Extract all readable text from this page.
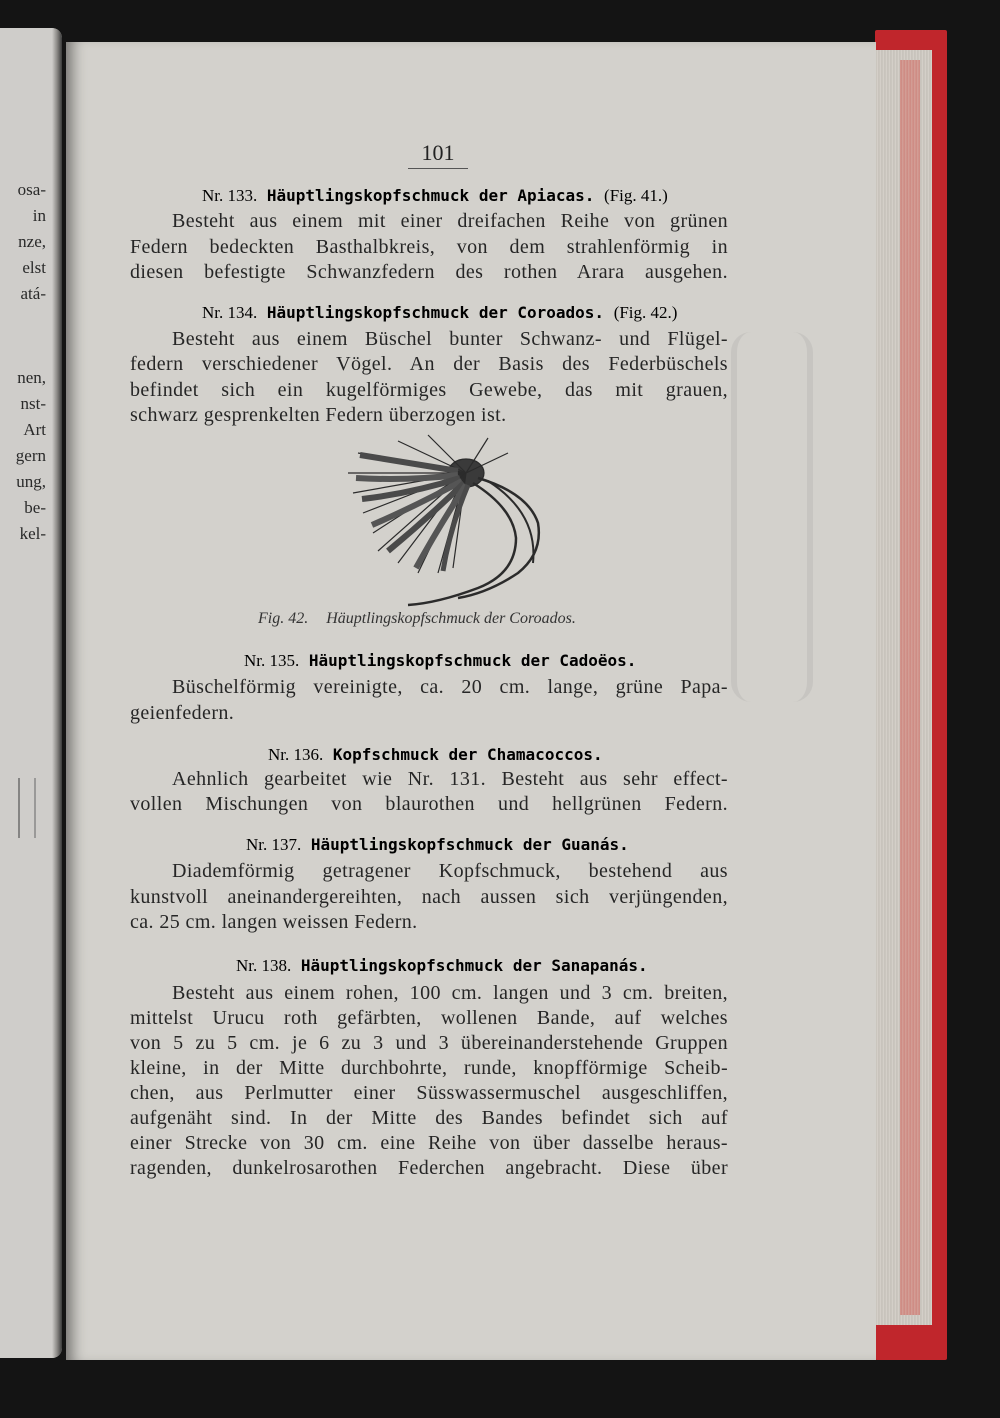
osa-
in
nze,
elst
atá-
nen,
nst-
Art
gern
ung,
be-
kel-
101
Nr. 133. Häuptlingskopfschmuck der Apiacas. (Fig. 41.)
Besteht aus einem mit einer dreifachen Reihe von grünen
Federn bedeckten Basthalbkreis, von dem strahlenförmig in
diesen befestigte Schwanzfedern des rothen Arara ausgehen.
Nr. 134. Häuptlingskopfschmuck der Coroados. (Fig. 42.)
Besteht aus einem Büschel bunter Schwanz- und Flügel-
federn verschiedener Vögel. An der Basis des Federbüschels
befindet sich ein kugelförmiges Gewebe, das mit grauen,
schwarz gesprenkelten Federn überzogen ist.
Fig. 42. Häuptlingskopfschmuck der Coroados.
Nr. 135. Häuptlingskopfschmuck der Cadoëos.
Büschelförmig vereinigte, ca. 20 cm. lange, grüne Papa-
geienfedern.
Nr. 136. Kopfschmuck der Chamacoccos.
Aehnlich gearbeitet wie Nr. 131. Besteht aus sehr effect-
vollen Mischungen von blaurothen und hellgrünen Federn.
Nr. 137. Häuptlingskopfschmuck der Guanás.
Diademförmig getragener Kopfschmuck, bestehend aus
kunstvoll aneinandergereihten, nach aussen sich verjüngenden,
ca. 25 cm. langen weissen Federn.
Nr. 138. Häuptlingskopfschmuck der Sanapanás.
Besteht aus einem rohen, 100 cm. langen und 3 cm. breiten,
mittelst Urucu roth gefärbten, wollenen Bande, auf welches
von 5 zu 5 cm. je 6 zu 3 und 3 übereinanderstehende Gruppen
kleine, in der Mitte durchbohrte, runde, knopfförmige Scheib-
chen, aus Perlmutter einer Süsswassermuschel ausgeschliffen,
aufgenäht sind. In der Mitte des Bandes befindet sich auf
einer Strecke von 30 cm. eine Reihe von über dasselbe heraus-
ragenden, dunkelrosarothen Federchen angebracht. Diese über
